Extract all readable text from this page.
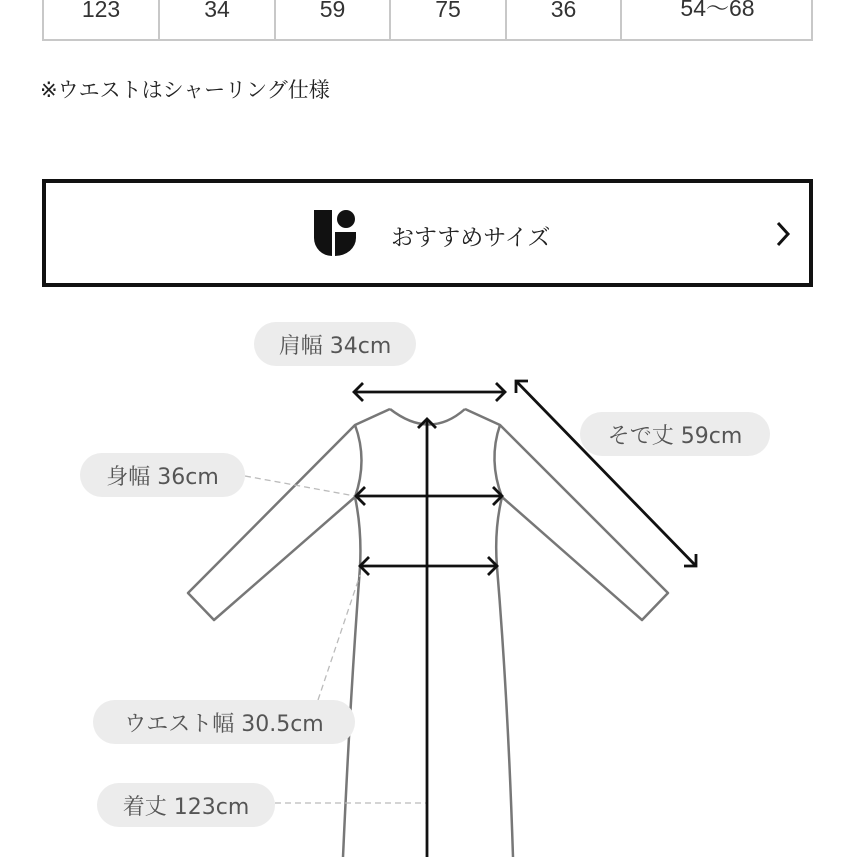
123	34	59	75	36	54〜68
※ウエストはシャーリング仕様
おすすめサイズ
肩幅 34cm
そで丈 59cm
身幅 36cm
ウエスト幅 30.5cm
着丈 123cm
